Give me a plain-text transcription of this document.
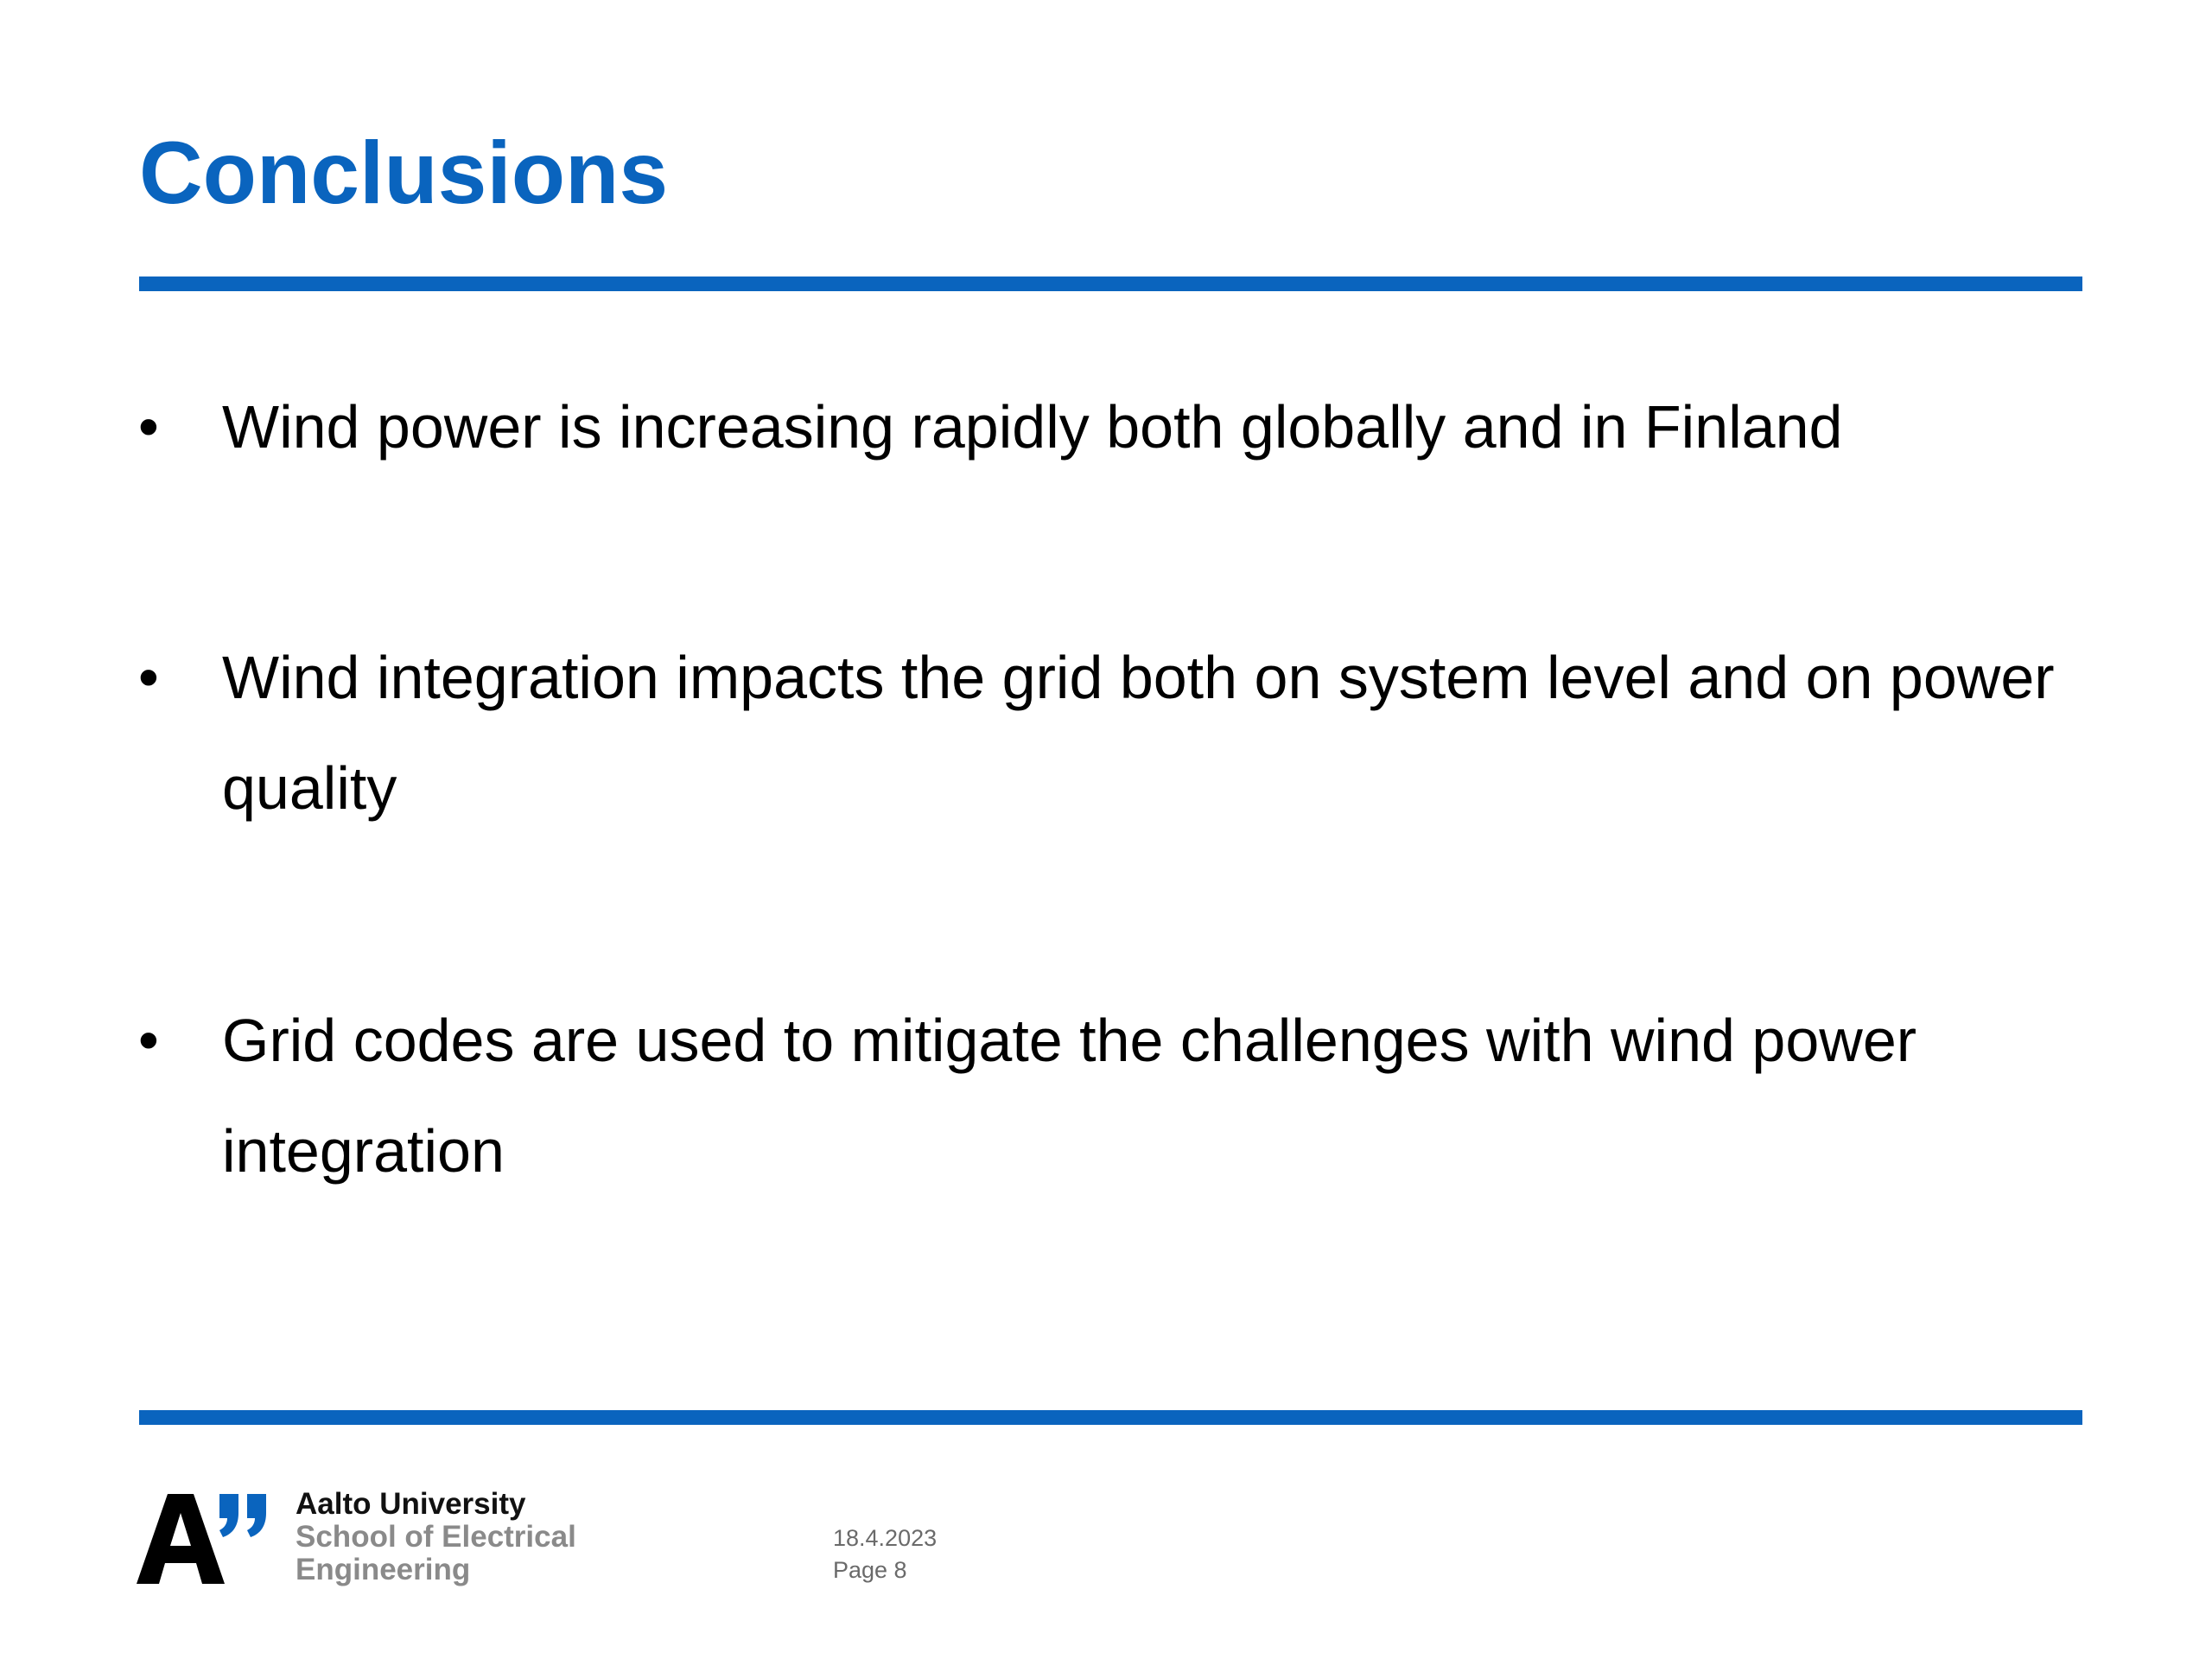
Conclusions
• Wind power is increasing rapidly both globally and in Finland
• Wind integration impacts the grid both on system level and on power quality
• Grid codes are used to mitigate the challenges with wind power integration
Aalto University
School of Electrical
Engineering
18.4.2023
Page 8
